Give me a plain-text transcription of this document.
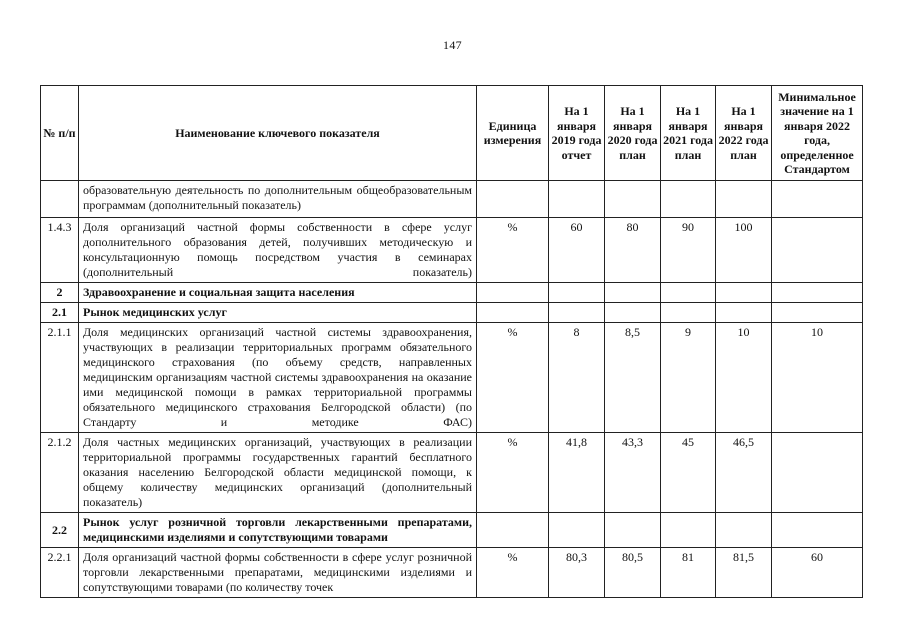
147
№ п/п	Наименование ключевого показателя	Единица измерения	На 1 января 2019 года отчет	На 1 января 2020 года план	На 1 января 2021 года план	На 1 января 2022 года план	Минимальное значение на 1 января 2022 года, определенное Стандартом
	образовательную деятельность по дополнительным общеобразовательным программам (дополнительный показатель)						
1.4.3	Доля организаций частной формы собственности в сфере услуг дополнительного образования детей, получивших методическую и консультационную помощь посредством участия в семинарах (дополнительный показатель)	%	60	80	90	100	
2	Здравоохранение и социальная защита населения						
2.1	Рынок медицинских услуг						
2.1.1	Доля медицинских организаций частной системы здравоохранения, участвующих в реализации территориальных программ обязательного медицинского страхования (по объему средств, направленных медицинским организациям частной системы здравоохранения на оказание ими медицинской помощи в рамках территориальной программы обязательного медицинского страхования Белгородской области) (по Стандарту и методике ФАС)	%	8	8,5	9	10	10
2.1.2	Доля частных медицинских организаций, участвующих в реализации территориальной программы государственных гарантий бесплатного оказания населению Белгородской области медицинской помощи, к общему количеству медицинских организаций (дополнительный показатель)	%	41,8	43,3	45	46,5	
2.2	Рынок услуг розничной торговли лекарственными препаратами, медицинскими изделиями и сопутствующими товарами						
2.2.1	Доля организаций частной формы собственности в сфере услуг розничной торговли лекарственными препаратами, медицинскими изделиями и сопутствующими товарами (по количеству точек	%	80,3	80,5	81	81,5	60
